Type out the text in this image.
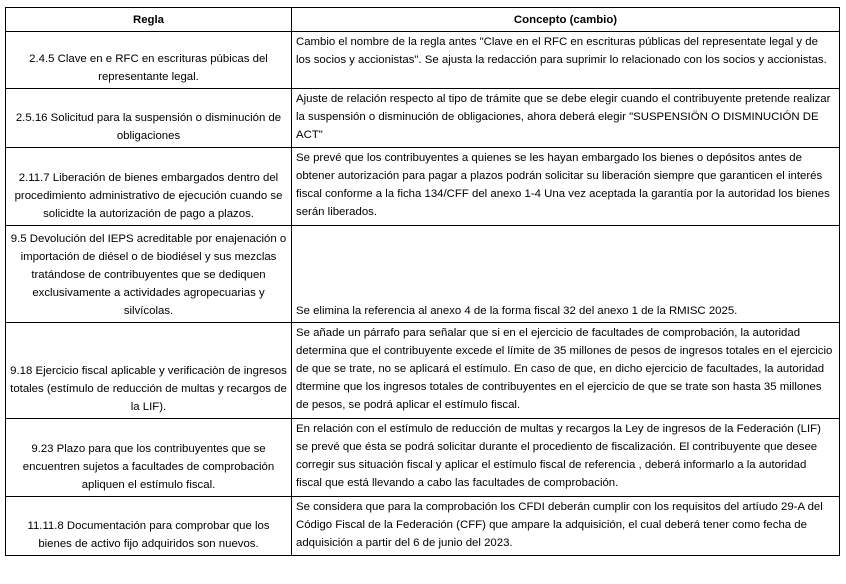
Regla	Concepto (cambio)
2.4.5 Clave en e RFC en escrituras púbicas del representante legal.	Cambio el nombre de la regla antes "Clave en el RFC en escrituras públicas del representate legal y de los socios y accionistas". Se ajusta la redacción para suprimir lo relacionado con los socios y accionistas.
2.5.16 Solicitud para la suspensión o disminución de obligaciones	Ajuste de relación respecto al tipo de trámite que se debe elegir cuando el contribuyente pretende realizar la suspensión o disminución de obligaciones, ahora deberá elegir "SUSPENSIÖN O DISMINUCIÓN DE ACT"
2.11.7 Liberación de bienes embargados dentro del procedimiento administrativo de ejecución cuando se solicidte la autorización de pago a plazos.	Se prevé que los contribuyentes a quienes se les hayan embargado los bienes o depósitos antes de obtener autorización para pagar a plazos podrán solicitar su liberación siempre que garanticen el interés fiscal conforme a la ficha 134/CFF del anexo 1-4 Una vez aceptada la garantía por la autoridad los bienes serán liberados.
9.5 Devolución del IEPS acreditable por enajenación o importación de diésel o de biodiésel y sus mezclas tratándose de contribuyentes que se dediquen exclusivamente a actividades agropecuarias y silvícolas.	Se elimina la referencia al anexo 4 de la forma fiscal 32 del anexo 1 de la RMISC 2025.
9.18 Ejercicio fiscal aplicable y verificaciòn de ingresos totales (estímulo de reducción de multas y recargos de la LIF).	Se añade un párrafo para señalar que si en el ejercicio de facultades de comprobación, la autoridad determina que el contribuyente excede el límite de 35 millones de pesos de ingresos totales en el ejercicio de que se trate, no se aplicará el estímulo. En caso de que, en dicho ejercicio de facultades, la autoridad dtermine que los ingresos totales de contribuyentes en el ejercicio de que se trate son hasta 35 millones de pesos, se podrá aplicar el estímulo fiscal.
9.23 Plazo para que los contribuyentes que se encuentren sujetos a facultades de comprobación apliquen el estímulo fiscal.	En relación con el estímulo de reducción de multas y recargos la Ley de ingresos de la Federación (LIF) se prevé que ésta se podrá solicitar durante el procediento de fiscalización. El contribuyente que desee corregir sus situación fiscal y aplicar el estímulo fiscal de referencia , deberá informarlo a la autoridad fiscal que está llevando a cabo las facultades de comprobación.
11.11.8 Documentación para comprobar que los bienes de activo fijo adquiridos son nuevos.	Se considera que para la comprobación los CFDI deberán cumplir con los requisitos del artíudo 29-A del Código Fiscal de la Federación (CFF) que ampare la adquisición, el cual deberá tener como fecha de adquisición a partir del 6 de junio del 2023.
